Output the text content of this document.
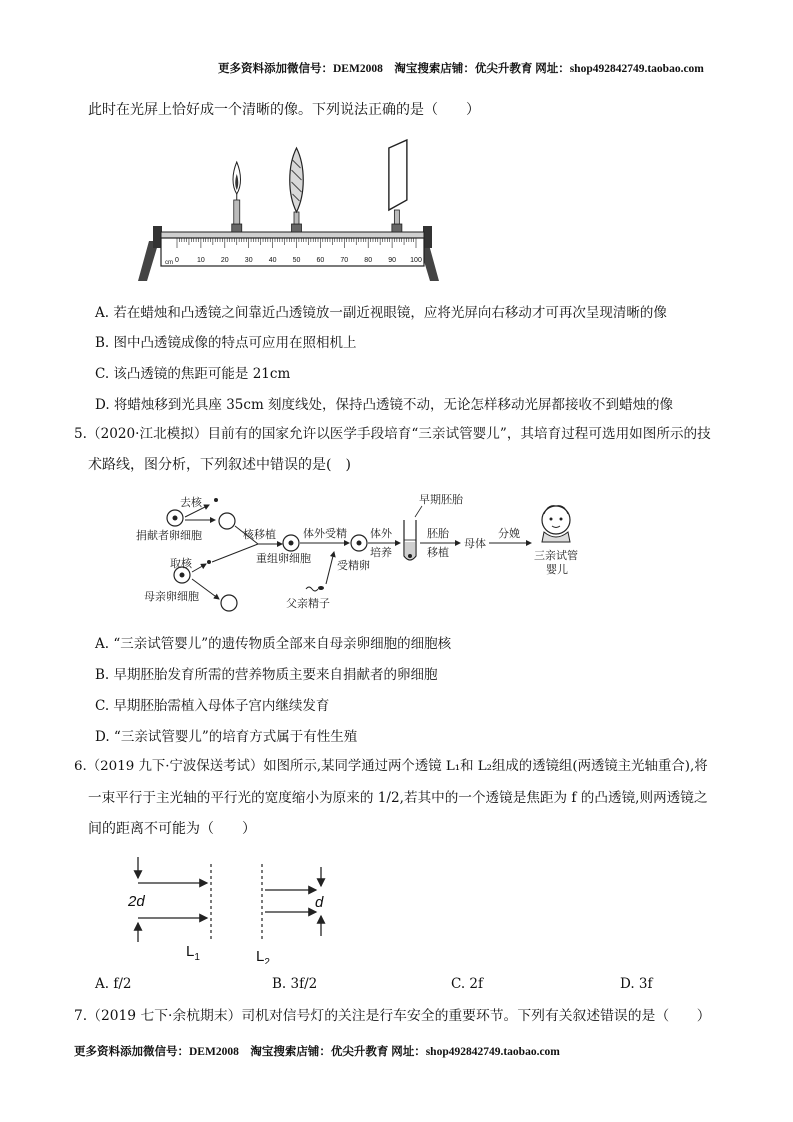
更多资料添加微信号：DEM2008　淘宝搜索店铺：优尖升教育 网址：shop492842749.taobao.com
此时在光屏上恰好成一个清晰的像。下列说法正确的是（　　）
0	10 20 30 40 50 60 70 80 90 100
cm
A. 若在蜡烛和凸透镜之间靠近凸透镜放一副近视眼镜，应将光屏向右移动才可再次呈现清晰的像
B. 图中凸透镜成像的特点可应用在照相机上
C. 该凸透镜的焦距可能是 21cm
D. 将蜡烛移到光具座 35cm 刻度线处，保持凸透镜不动，无论怎样移动光屏都接收不到蜡烛的像
5.（2020·江北模拟）目前有的国家允许以医学手段培育“三亲试管婴儿”，其培育过程可选用如图所示的技
术路线，图分析，下列叙述中错误的是(　)
捐献者卵细胞
去核
母亲卵细胞
取核
核移植
重组卵细胞
体外受精
父亲精子
受精卵
体外
培养
早期胚胎
胚胎
移植
母体
分娩
三亲试管
婴儿
A. “三亲试管婴儿”的遗传物质全部来自母亲卵细胞的细胞核
B. 早期胚胎发育所需的营养物质主要来自捐献者的卵细胞
C. 早期胚胎需植入母体子宫内继续发育
D. “三亲试管婴儿”的培育方式属于有性生殖
6.（2019 九下·宁波保送考试）如图所示,某同学通过两个透镜 L₁和 L₂组成的透镜组(两透镜主光轴重合),将
一束平行于主光轴的平行光的宽度缩小为原来的 1/2,若其中的一个透镜是焦距为 f 的凸透镜,则两透镜之
间的距离不可能为（　　）
2d
$L_1$	$L_2$
d
A. f/2	B. 3f/2	C. 2f	D. 3f
7.（2019 七下·余杭期末）司机对信号灯的关注是行车安全的重要环节。下列有关叙述错误的是（　　）
更多资料添加微信号：DEM2008　淘宝搜索店铺：优尖升教育 网址：shop492842749.taobao.com
